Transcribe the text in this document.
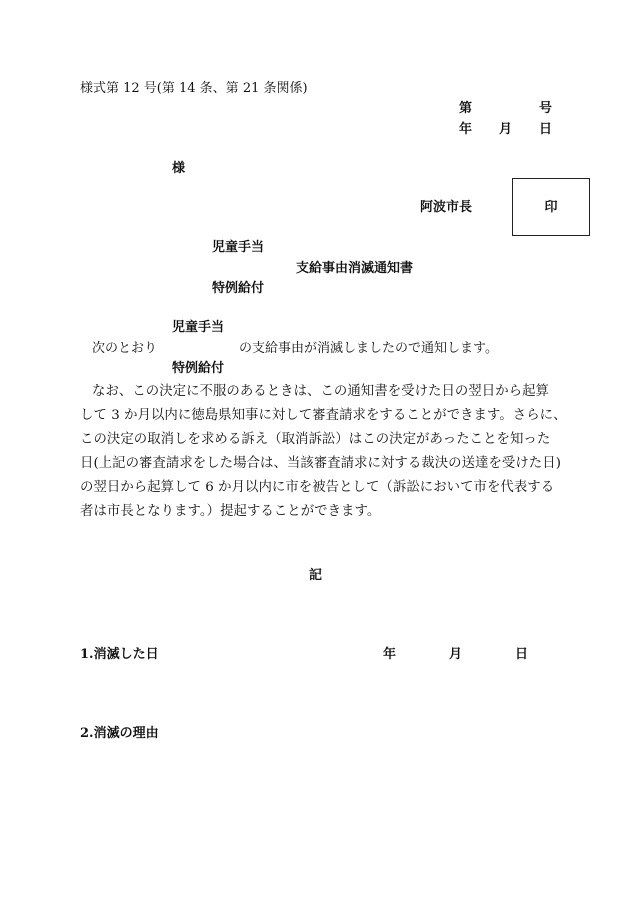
様式第 12 号(第 14 条、第 21 条関係)
第	号
年 月 日
様
阿波市長	印
児童手当
支給事由消滅通知書
特例給付
児童手当
次のとおり	の支給事由が消滅しましたので通知します。
特例給付
なお、この決定に不服のあるときは、この通知書を受けた日の翌日から起算
して 3 か月以内に徳島県知事に対して審査請求をすることができます。さらに、
この決定の取消しを求める訴え（取消訴訟）はこの決定があったことを知った
日(上記の審査請求をした場合は、当該審査請求に対する裁決の送達を受けた日)
の翌日から起算して 6 か月以内に市を被告として（訴訟において市を代表する
者は市長となります。）提起することができます。
記
1.消滅した日	年	月	日
2.消滅の理由
